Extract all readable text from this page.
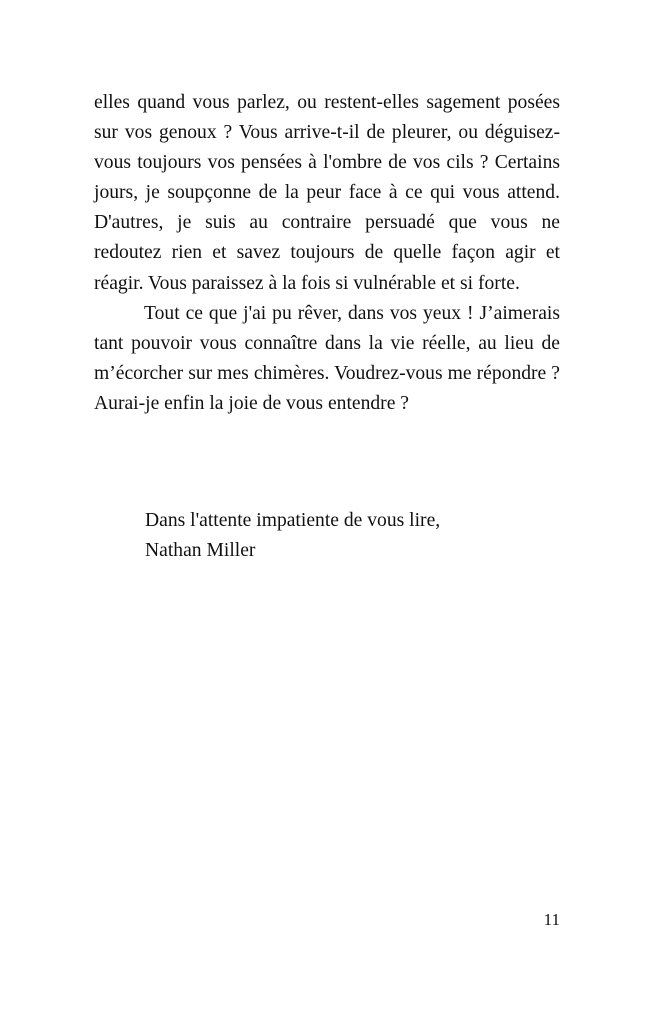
elles quand vous parlez, ou restent-elles sagement posées sur vos genoux ? Vous arrive-t-il de pleurer, ou déguisez-vous toujours vos pensées à l'ombre de vos cils ? Certains jours, je soupçonne de la peur face à ce qui vous attend. D'autres, je suis au contraire persuadé que vous ne redoutez rien et savez toujours de quelle façon agir et réagir. Vous paraissez à la fois si vulnérable et si forte.

Tout ce que j'ai pu rêver, dans vos yeux ! J’aimerais tant pouvoir vous connaître dans la vie réelle, au lieu de m’écorcher sur mes chimères. Voudrez-vous me répondre ? Aurai-je enfin la joie de vous entendre ?

Dans l'attente impatiente de vous lire,
Nathan Miller
11
